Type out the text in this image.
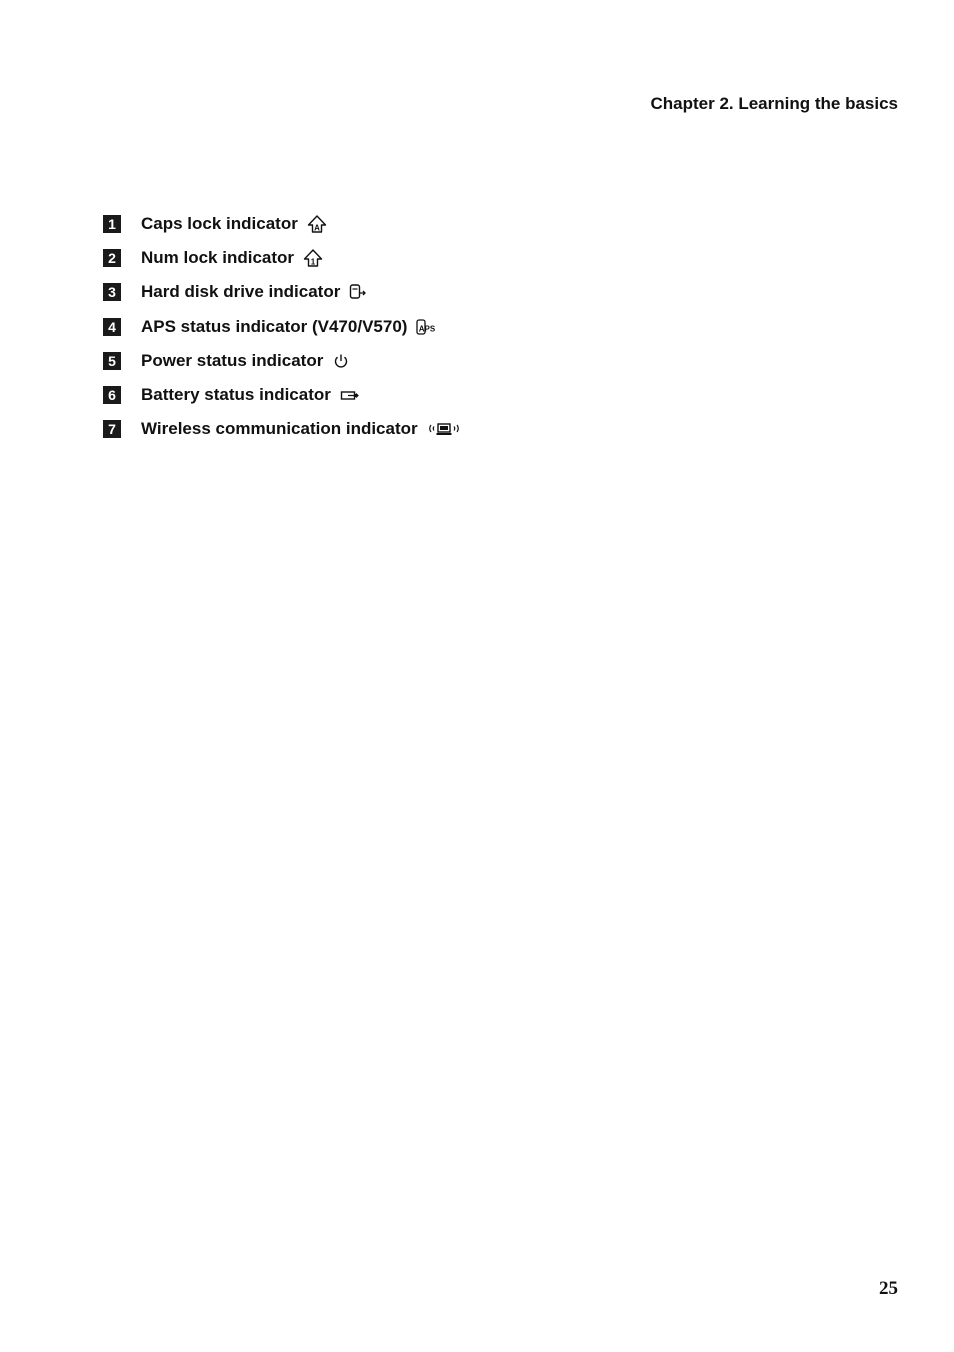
Chapter 2. Learning the basics
1	Caps lock indicator A
2	Num lock indicator 1
3	Hard disk drive indicator
4	APS status indicator (V470/V570) APS
5	Power status indicator
6	Battery status indicator
7	Wireless communication indicator
25
